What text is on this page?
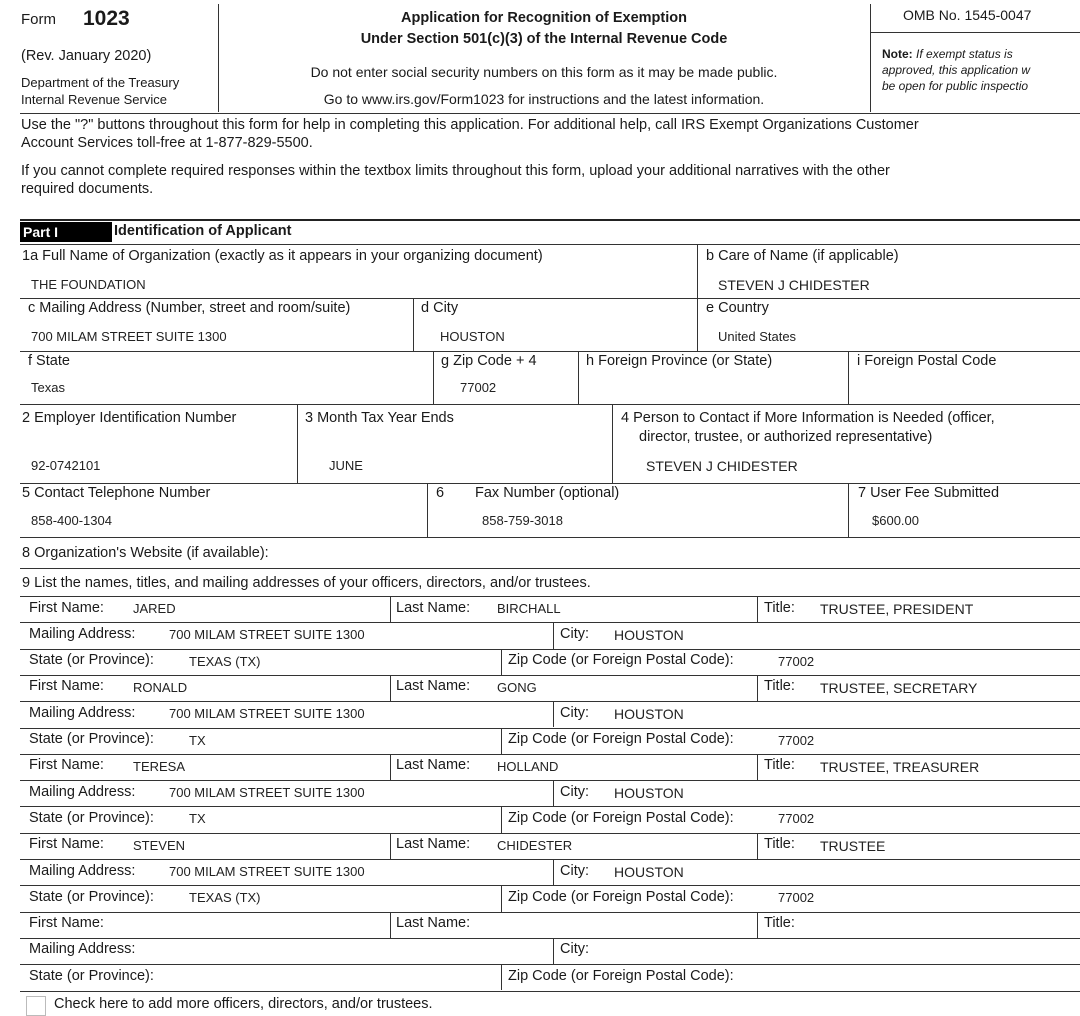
Form 1023
(Rev. January 2020)
Department of the Treasury
Internal Revenue Service
Application for Recognition of Exemption
Under Section 501(c)(3) of the Internal Revenue Code
Do not enter social security numbers on this form as it may be made public.
Go to www.irs.gov/Form1023 for instructions and the latest information.
OMB No. 1545-0047
Note: If exempt status is
approved, this application w
be open for public inspectio
Use the "?" buttons throughout this form for help in completing this application. For additional help, call IRS Exempt Organizations Customer
Account Services toll-free at 1-877-829-5500.
If you cannot complete required responses within the textbox limits throughout this form, upload your additional narratives with the other
required documents.
Part I	Identification of Applicant
1a Full Name of Organization (exactly as it appears in your organizing document)
THE FOUNDATION
b Care of Name (if applicable)
STEVEN J CHIDESTER
c Mailing Address (Number, street and room/suite)
700 MILAM STREET SUITE 1300
d City
HOUSTON
e Country
United States
f State
Texas
g Zip Code + 4
77002
h Foreign Province (or State)	i Foreign Postal Code
2 Employer Identification Number
92-0742101
3 Month Tax Year Ends
JUNE
4 Person to Contact if More Information is Needed (officer,
director, trustee, or authorized representative)
STEVEN J CHIDESTER
5 Contact Telephone Number
858-400-1304
6 Fax Number (optional)
858-759-3018
7 User Fee Submitted
$600.00
8 Organization's Website (if available):
9 List the names, titles, and mailing addresses of your officers, directors, and/or trustees.
First Name: JARED	Last Name: BIRCHALL	Title: TRUSTEE, PRESIDENT
Mailing Address:	700 MILAM STREET SUITE 1300	City: HOUSTON
State (or Province):	TEXAS (TX)	Zip Code (or Foreign Postal Code):	77002
First Name: RONALD	Last Name: GONG	Title: TRUSTEE, SECRETARY
Mailing Address:	700 MILAM STREET SUITE 1300	City: HOUSTON
State (or Province):	TX	Zip Code (or Foreign Postal Code):	77002
First Name: TERESA	Last Name: HOLLAND	Title: TRUSTEE, TREASURER
Mailing Address:	700 MILAM STREET SUITE 1300	City: HOUSTON
State (or Province):	TX	Zip Code (or Foreign Postal Code):	77002
First Name: STEVEN	Last Name: CHIDESTER	Title: TRUSTEE
Mailing Address:	700 MILAM STREET SUITE 1300	City: HOUSTON
State (or Province):	TEXAS (TX)	Zip Code (or Foreign Postal Code):	77002
First Name:	Last Name:	Title:
Mailing Address:	City:
State (or Province):	Zip Code (or Foreign Postal Code):
Check here to add more officers, directors, and/or trustees.
